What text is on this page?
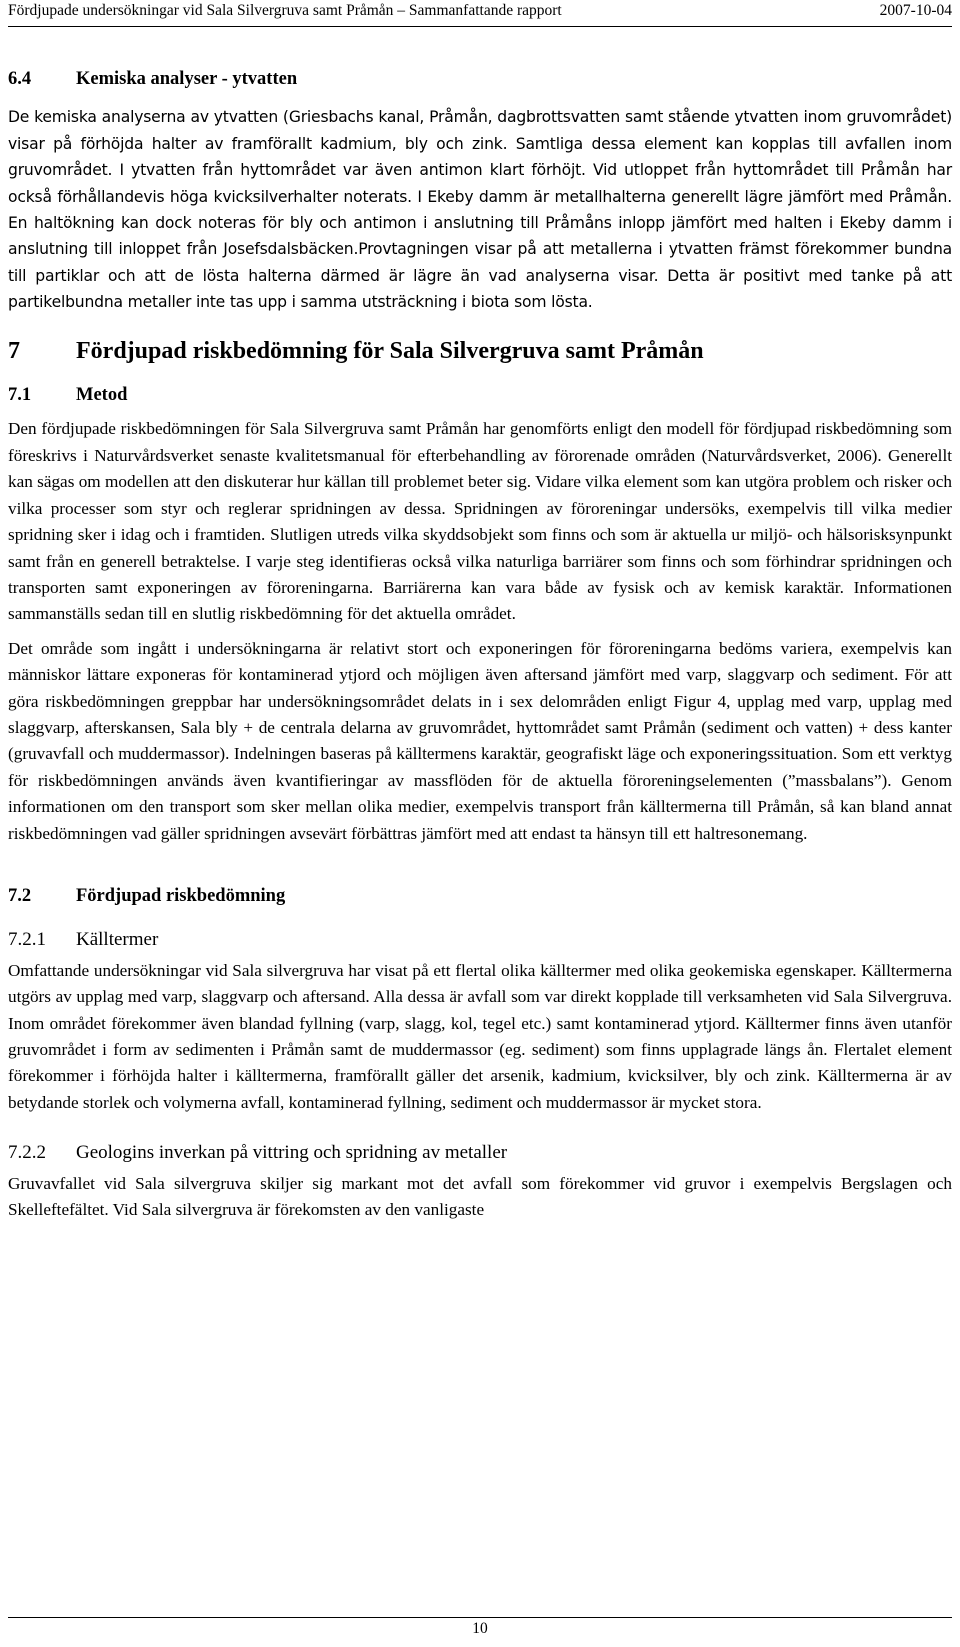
Fördjupade undersökningar vid Sala Silvergruva samt Pråmån – Sammanfattande rapport	2007-10-04
6.4	Kemiska analyser - ytvatten

De kemiska analyserna av ytvatten (Griesbachs kanal, Pråmån, dagbrottsvatten samt stående ytvatten inom gruvområdet) visar på förhöjda halter av framförallt kadmium, bly och zink. Samtliga dessa element kan kopplas till avfallen inom gruvområdet. I ytvatten från hyttområdet var även antimon klart förhöjt. Vid utloppet från hyttområdet till Pråmån har också förhållandevis höga kvicksilverhalter noterats. I Ekeby damm är metallhalterna generellt lägre jämfört med Pråmån. En haltökning kan dock noteras för bly och antimon i anslutning till Pråmåns inlopp jämfört med halten i Ekeby damm i anslutning till inloppet från Josefsdalsbäcken.Provtagningen visar på att metallerna i ytvatten främst förekommer bundna till partiklar och att de lösta halterna därmed är lägre än vad analyserna visar. Detta är positivt med tanke på att partikelbundna metaller inte tas upp i samma utsträckning i biota som lösta.

7	Fördjupad riskbedömning för Sala Silvergruva samt Pråmån
7.1	Metod

Den fördjupade riskbedömningen för Sala Silvergruva samt Pråmån har genomförts enligt den modell för fördjupad riskbedömning som föreskrivs i Naturvårdsverket senaste kvalitetsmanual för efterbehandling av förorenade områden (Naturvårdsverket, 2006). Generellt kan sägas om modellen att den diskuterar hur källan till problemet beter sig. Vidare vilka element som kan utgöra problem och risker och vilka processer som styr och reglerar spridningen av dessa. Spridningen av föroreningar undersöks, exempelvis till vilka medier spridning sker i idag och i framtiden. Slutligen utreds vilka skyddsobjekt som finns och som är aktuella ur miljö- och hälsorisksynpunkt samt från en generell betraktelse. I varje steg identifieras också vilka naturliga barriärer som finns och som förhindrar spridningen och transporten samt exponeringen av föroreningarna. Barriärerna kan vara både av fysisk och av kemisk karaktär. Informationen sammanställs sedan till en slutlig riskbedömning för det aktuella området.

Det område som ingått i undersökningarna är relativt stort och exponeringen för föroreningarna bedöms variera, exempelvis kan människor lättare exponeras för kontaminerad ytjord och möjligen även aftersand jämfört med varp, slaggvarp och sediment. För att göra riskbedömningen greppbar har undersökningsområdet delats in i sex delområden enligt Figur 4, upplag med varp, upplag med slaggvarp, afterskansen, Sala bly + de centrala delarna av gruvområdet, hyttområdet samt Pråmån (sediment och vatten) + dess kanter (gruvavfall och muddermassor). Indelningen baseras på källtermens karaktär, geografiskt läge och exponeringssituation. Som ett verktyg för riskbedömningen används även kvantifieringar av massflöden för de aktuella föroreningselementen (”massbalans”). Genom informationen om den transport som sker mellan olika medier, exempelvis transport från källtermerna till Pråmån, så kan bland annat riskbedömningen vad gäller spridningen avsevärt förbättras jämfört med att endast ta hänsyn till ett haltresonemang.

7.2	Fördjupad riskbedömning
7.2.1	Källtermer

Omfattande undersökningar vid Sala silvergruva har visat på ett flertal olika källtermer med olika geokemiska egenskaper. Källtermerna utgörs av upplag med varp, slaggvarp och aftersand. Alla dessa är avfall som var direkt kopplade till verksamheten vid Sala Silvergruva. Inom området förekommer även blandad fyllning (varp, slagg, kol, tegel etc.) samt kontaminerad ytjord. Källtermer finns även utanför gruvområdet i form av sedimenten i Pråmån samt de muddermassor (eg. sediment) som finns upplagrade längs ån. Flertalet element förekommer i förhöjda halter i källtermerna, framförallt gäller det arsenik, kadmium, kvicksilver, bly och zink. Källtermerna är av betydande storlek och volymerna avfall, kontaminerad fyllning, sediment och muddermassor är mycket stora.

7.2.2	Geologins inverkan på vittring och spridning av metaller

Gruvavfallet vid Sala silvergruva skiljer sig markant mot det avfall som förekommer vid gruvor i exempelvis Bergslagen och Skelleftefältet. Vid Sala silvergruva är förekomsten av den vanligaste

10
